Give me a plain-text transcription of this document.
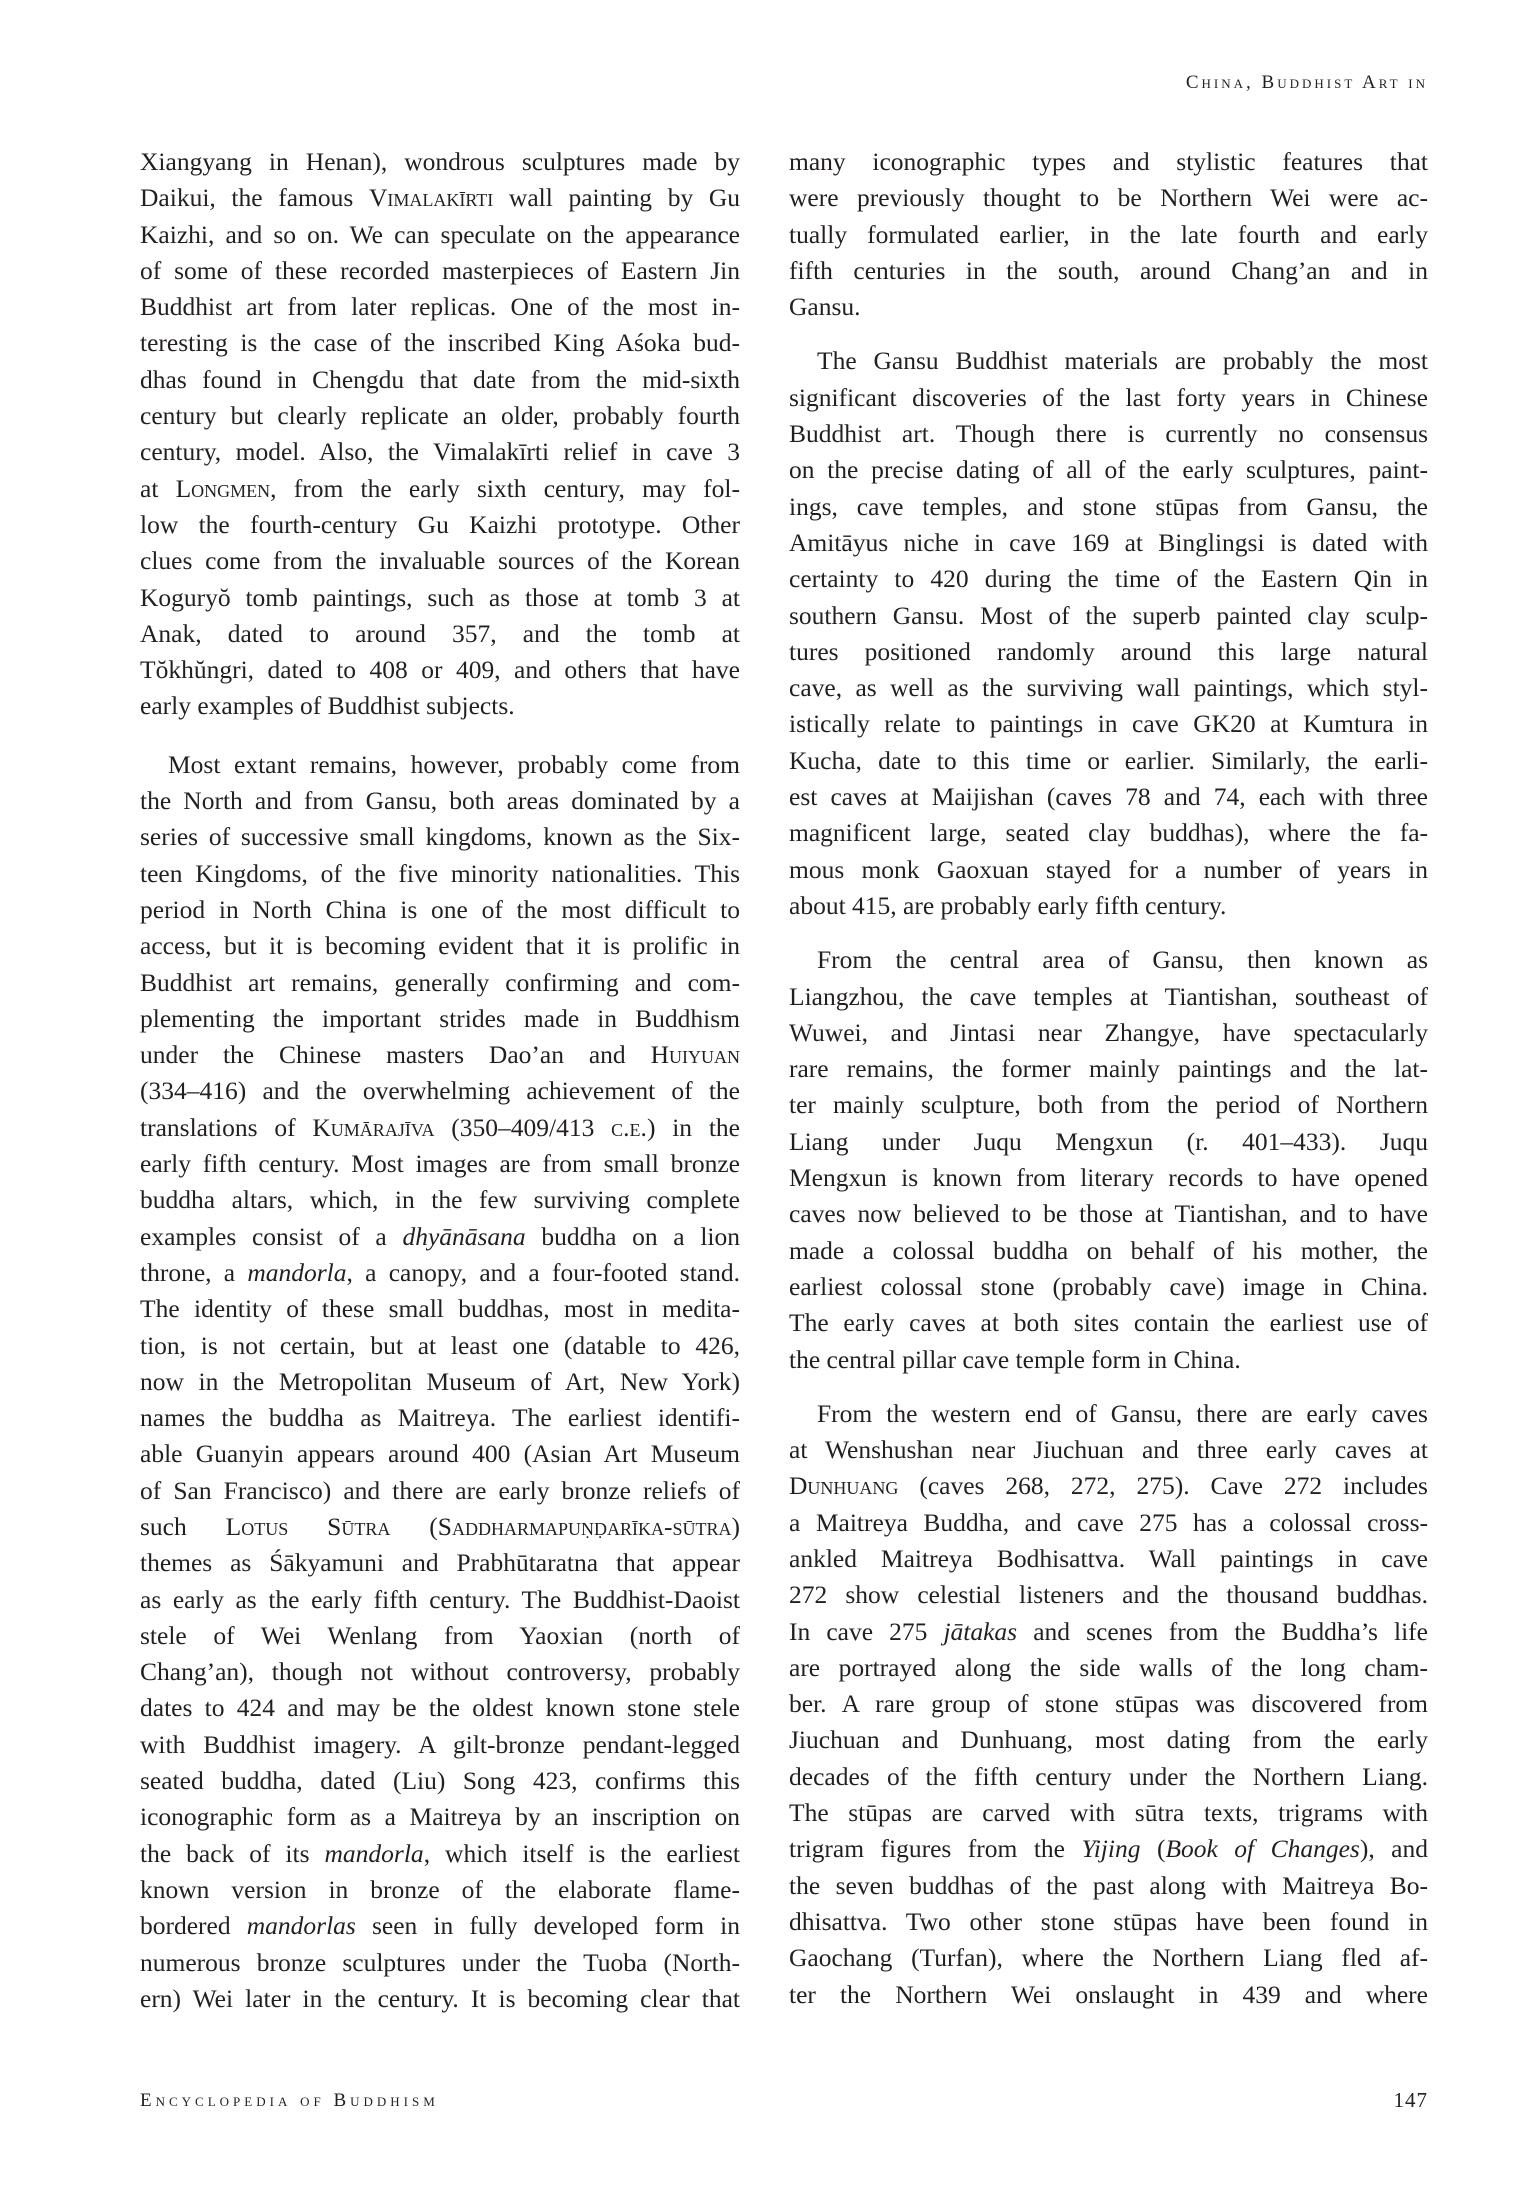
China, Buddhist Art in
Xiangyang in Henan), wondrous sculptures made by
Daikui, the famous Vimalakīrti wall painting by Gu
Kaizhi, and so on. We can speculate on the appearance
of some of these recorded masterpieces of Eastern Jin
Buddhist art from later replicas. One of the most in-
teresting is the case of the inscribed King Aśoka bud-
dhas found in Chengdu that date from the mid-sixth
century but clearly replicate an older, probably fourth
century, model. Also, the Vimalakīrti relief in cave 3
at Longmen, from the early sixth century, may fol-
low the fourth-century Gu Kaizhi prototype. Other
clues come from the invaluable sources of the Korean
Koguryŏ tomb paintings, such as those at tomb 3 at
Anak, dated to around 357, and the tomb at
Tŏkhŭngri, dated to 408 or 409, and others that have
early examples of Buddhist subjects.
Most extant remains, however, probably come from
the North and from Gansu, both areas dominated by a
series of successive small kingdoms, known as the Six-
teen Kingdoms, of the five minority nationalities. This
period in North China is one of the most difficult to
access, but it is becoming evident that it is prolific in
Buddhist art remains, generally confirming and com-
plementing the important strides made in Buddhism
under the Chinese masters Dao’an and Huiyuan
(334–416) and the overwhelming achievement of the
translations of Kumārajīva (350–409/413 c.e.) in the
early fifth century. Most images are from small bronze
buddha altars, which, in the few surviving complete
examples consist of a dhyānāsana buddha on a lion
throne, a mandorla, a canopy, and a four-footed stand.
The identity of these small buddhas, most in medita-
tion, is not certain, but at least one (datable to 426,
now in the Metropolitan Museum of Art, New York)
names the buddha as Maitreya. The earliest identifi-
able Guanyin appears around 400 (Asian Art Museum
of San Francisco) and there are early bronze reliefs of
such Lotus Sūtra (Saddharmapuṇḍarīka-sūtra)
themes as Śākyamuni and Prabhūtaratna that appear
as early as the early fifth century. The Buddhist-Daoist
stele of Wei Wenlang from Yaoxian (north of
Chang’an), though not without controversy, probably
dates to 424 and may be the oldest known stone stele
with Buddhist imagery. A gilt-bronze pendant-legged
seated buddha, dated (Liu) Song 423, confirms this
iconographic form as a Maitreya by an inscription on
the back of its mandorla, which itself is the earliest
known version in bronze of the elaborate flame-
bordered mandorlas seen in fully developed form in
numerous bronze sculptures under the Tuoba (North-
ern) Wei later in the century. It is becoming clear that
many iconographic types and stylistic features that
were previously thought to be Northern Wei were ac-
tually formulated earlier, in the late fourth and early
fifth centuries in the south, around Chang’an and in
Gansu.
The Gansu Buddhist materials are probably the most
significant discoveries of the last forty years in Chinese
Buddhist art. Though there is currently no consensus
on the precise dating of all of the early sculptures, paint-
ings, cave temples, and stone stūpas from Gansu, the
Amitāyus niche in cave 169 at Binglingsi is dated with
certainty to 420 during the time of the Eastern Qin in
southern Gansu. Most of the superb painted clay sculp-
tures positioned randomly around this large natural
cave, as well as the surviving wall paintings, which styl-
istically relate to paintings in cave GK20 at Kumtura in
Kucha, date to this time or earlier. Similarly, the earli-
est caves at Maijishan (caves 78 and 74, each with three
magnificent large, seated clay buddhas), where the fa-
mous monk Gaoxuan stayed for a number of years in
about 415, are probably early fifth century.
From the central area of Gansu, then known as
Liangzhou, the cave temples at Tiantishan, southeast of
Wuwei, and Jintasi near Zhangye, have spectacularly
rare remains, the former mainly paintings and the lat-
ter mainly sculpture, both from the period of Northern
Liang under Juqu Mengxun (r. 401–433). Juqu
Mengxun is known from literary records to have opened
caves now believed to be those at Tiantishan, and to have
made a colossal buddha on behalf of his mother, the
earliest colossal stone (probably cave) image in China.
The early caves at both sites contain the earliest use of
the central pillar cave temple form in China.
From the western end of Gansu, there are early caves
at Wenshushan near Jiuchuan and three early caves at
Dunhuang (caves 268, 272, 275). Cave 272 includes
a Maitreya Buddha, and cave 275 has a colossal cross-
ankled Maitreya Bodhisattva. Wall paintings in cave
272 show celestial listeners and the thousand buddhas.
In cave 275 jātakas and scenes from the Buddha’s life
are portrayed along the side walls of the long cham-
ber. A rare group of stone stūpas was discovered from
Jiuchuan and Dunhuang, most dating from the early
decades of the fifth century under the Northern Liang.
The stūpas are carved with sūtra texts, trigrams with
trigram figures from the Yijing (Book of Changes), and
the seven buddhas of the past along with Maitreya Bo-
dhisattva. Two other stone stūpas have been found in
Gaochang (Turfan), where the Northern Liang fled af-
ter the Northern Wei onslaught in 439 and where
Encyclopedia of Buddhism	147
